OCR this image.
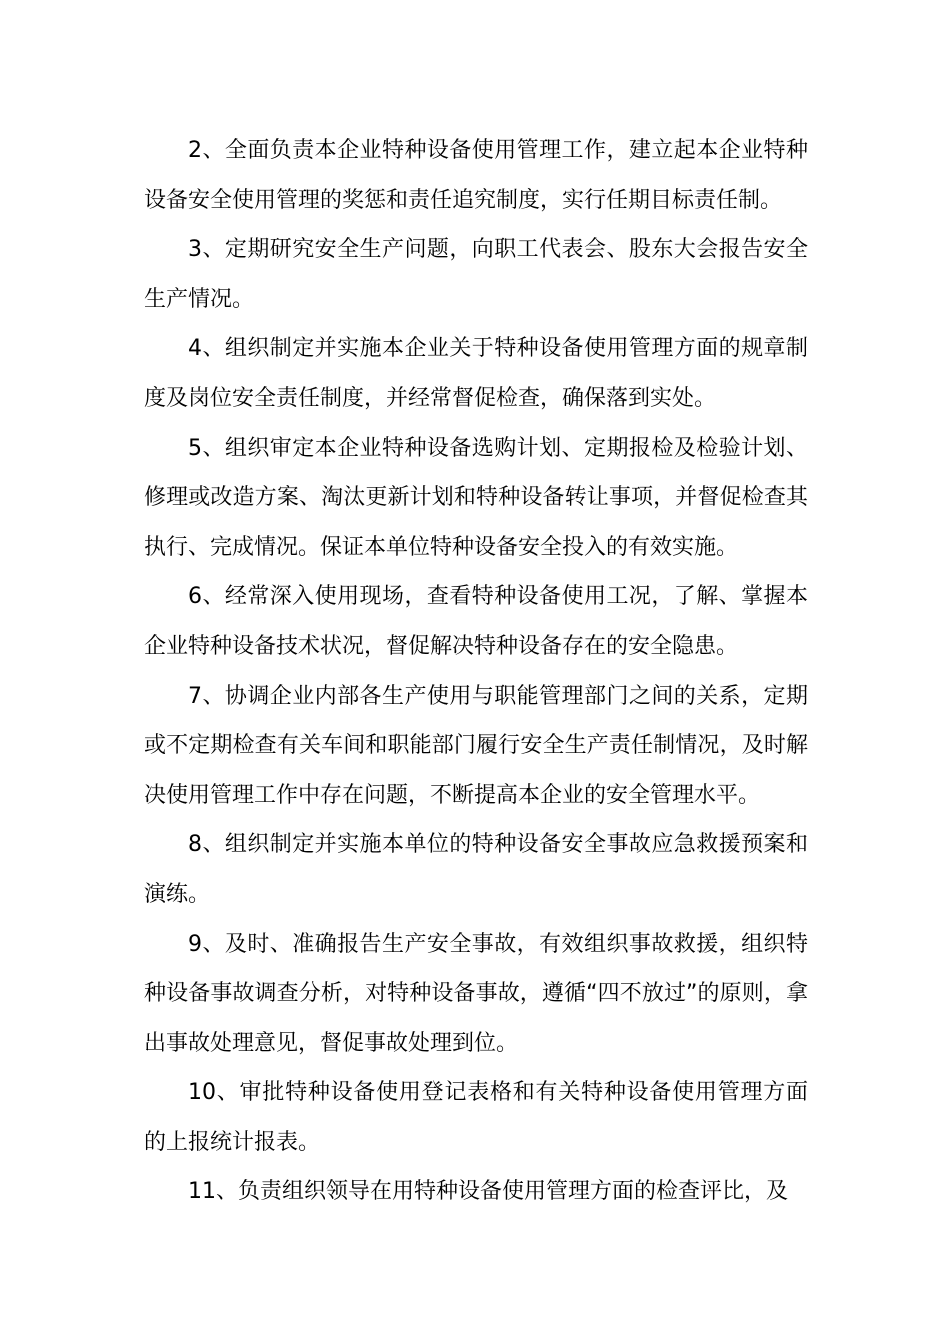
2、全面负责本企业特种设备使用管理工作，建立起本企业特种设备安全使用管理的奖惩和责任追究制度，实行任期目标责任制。

3、定期研究安全生产问题，向职工代表会、股东大会报告安全生产情况。

4、组织制定并实施本企业关于特种设备使用管理方面的规章制度及岗位安全责任制度，并经常督促检查，确保落到实处。

5、组织审定本企业特种设备选购计划、定期报检及检验计划、修理或改造方案、淘汰更新计划和特种设备转让事项，并督促检查其执行、完成情况。保证本单位特种设备安全投入的有效实施。

6、经常深入使用现场，查看特种设备使用工况，了解、掌握本企业特种设备技术状况，督促解决特种设备存在的安全隐患。

7、协调企业内部各生产使用与职能管理部门之间的关系，定期或不定期检查有关车间和职能部门履行安全生产责任制情况，及时解决使用管理工作中存在问题，不断提高本企业的安全管理水平。

8、组织制定并实施本单位的特种设备安全事故应急救援预案和演练。

9、及时、准确报告生产安全事故，有效组织事故救援，组织特种设备事故调查分析，对特种设备事故，遵循“四不放过”的原则，拿出事故处理意见，督促事故处理到位。

10、审批特种设备使用登记表格和有关特种设备使用管理方面的上报统计报表。

11、负责组织领导在用特种设备使用管理方面的检查评比，及
